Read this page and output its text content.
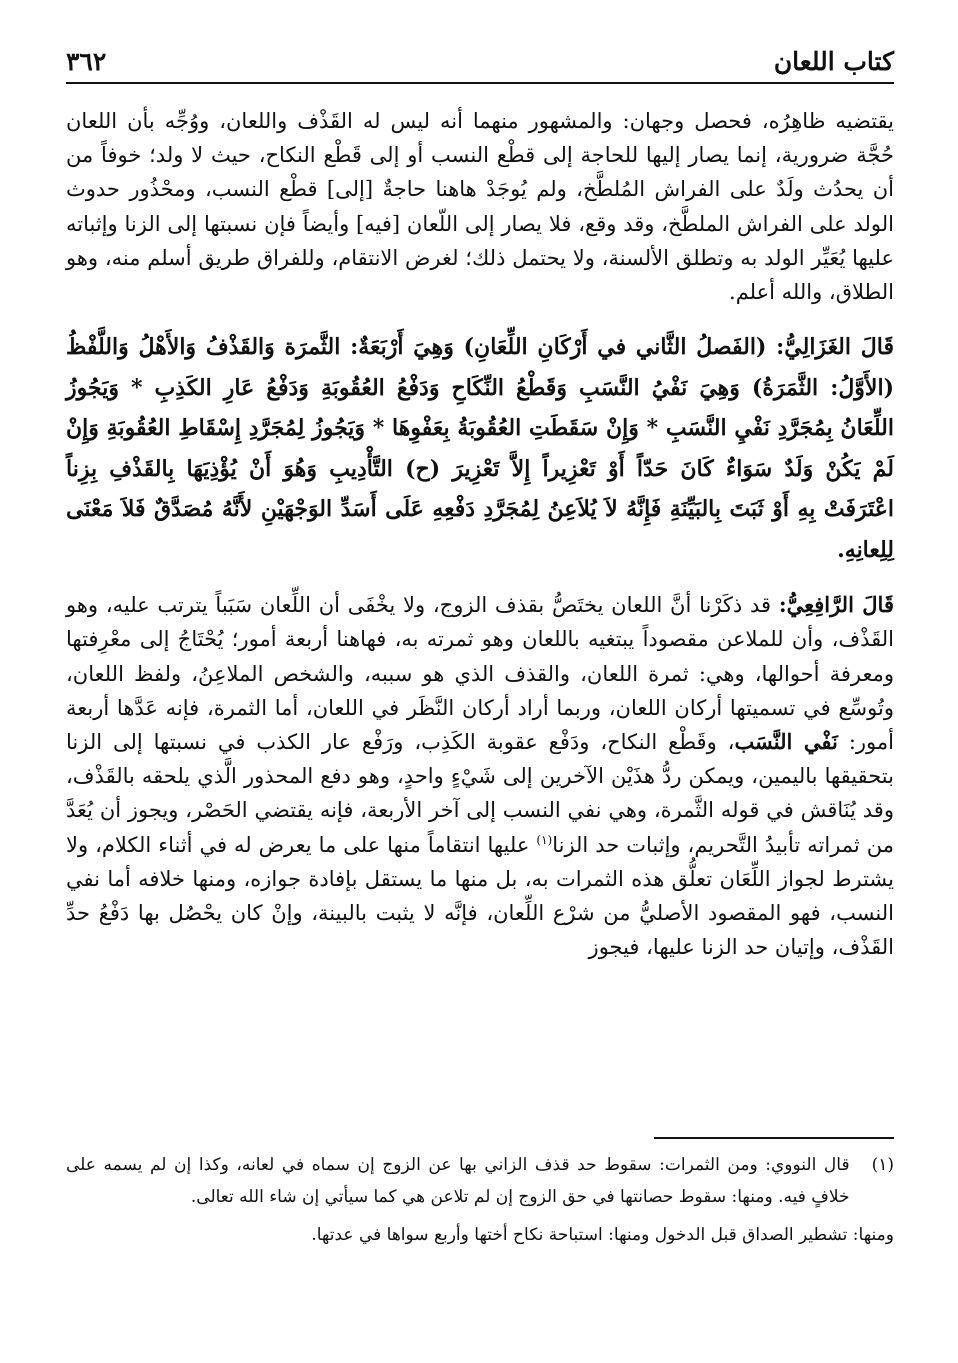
كتاب اللعان
٣٦٢

يقتضيه ظاهِرُه، فحصل وجهان: والمشهور منهما أنه ليس له القَذْف واللعان، ووُجِّه بأن اللعان حُجَّة ضرورية، إنما يصار إليها للحاجة إلى قطْع النسب أو إلى قَطْع النكاح، حيث لا ولد؛ خوفاً من أن يحدُث ولَدٌ على الفراش المُلطَّخ، ولم يُوجَدْ هاهنا حاجةٌ [إلى] قطْع النسب، ومحْذُور حدوث الولد على الفراش الملطَّخ، وقد وقع، فلا يصار إلى اللّعان [فيه] وأيضاً فإن نسبتها إلى الزنا وإثباته عليها يُعَيِّر الولد به وتطلق الألسنة، ولا يحتمل ذلك؛ لغرض الانتقام، وللفراق طريق أسلم منه، وهو الطلاق، والله أعلم.

قَالَ الغَزَالِيُّ: (الفَصلُ الثَّاني في أَرْكَانِ اللِّعَانِ) وَهِيَ أَرْبَعَةٌ: الثَّمرَة وَالقَذْفُ وَالأَهْلُ وَاللَّفْظُ (الأَوَّلُ: الثَّمَرَةُ) وَهِيَ نَفْيُ النَّسَبِ وَقَطْعُ النِّكَاحِ وَدَفْعُ العُقُوبَةِ وَدَفْعُ عَارِ الكَذِبِ * وَيَجُوزُ اللِّعَانُ بِمُجَرَّدِ نَفْيِ النَّسَبِ * وَإِنْ سَقَطَتِ العُقُوبَةُ بِعَفْوِهَا * وَيَجُوزُ لِمُجَرَّدِ إِسْقَاطِ العُقُوبَةِ وَإِنْ لَمْ يَكُنْ وَلَدٌ سَوَاءٌ كَانَ حَدّاً أَوْ تَعْزِيراً إِلاَّ تَعْزِيرَ (ح) التَّأْدِيبِ وَهُوَ أَنْ يُؤْذِيَهَا بِالقَذْفِ بِزِناً اعْتَرَفَتْ بِهِ أَوْ ثَبَتَ بِالبَيِّنَةِ فَإِنَّهُ لاَ يُلاَعِنُ لِمُجَرَّدِ دَفْعِهِ عَلَى أَسَدِّ الوَجْهَيْنِ لأَنَّهُ مُصَدَّقٌ فَلاَ مَعْنَى لِلِعانِهِ.

قَالَ الرَّافِعِيُّ: قد ذكَرْنا أنَّ اللعان يختَصُّ بقذف الزوج، ولا يخْفَى أن اللِّعان سَبَباً يترتب عليه، وهو القَذْف، وأن للملاعن مقصوداً يبتغيه باللعان وهو ثمرته به، فهاهنا أربعة أمور؛ يُحْتَاجُ إلى معْرِفتها ومعرفة أحوالها، وهي: ثمرة اللعان، والقذف الذي هو سببه، والشخص الملاعِنُ، ولفظ اللعان، وتُوسِّع في تسميتها أركان اللعان، وربما أراد أركان النَّظَر في اللعان، أما الثمرة، فإنه عَدَّها أربعة أمور: نَفْي النَّسَب، وقَطْع النكاح، ودَفْع عقوبة الكَذِب، ورَفْع عار الكذب في نسبتها إلى الزنا بتحقيقها باليمين، ويمكن ردُّ هذَيْن الآخرين إلى شَيْءٍ واحدٍ، وهو دفع المحذور الَّذي يلحقه بالقَذْف، وقد يُنَاقش في قوله الثَّمرة، وهي نفي النسب إلى آخر الأربعة، فإنه يقتضي الحَصْر، ويجوز أن يُعَدَّ من ثمراته تأبيدُ التَّحريم، وإثبات حد الزنا$^{(١)}$ عليها انتقاماً منها على ما يعرض له في أثناء الكلام، ولا يشترط لجواز اللِّعَان تعلُّق هذه الثمرات به، بل منها ما يستقل بإفادة جوازه، ومنها خلافه أما نفي النسب، فهو المقصود الأصليُّ من شرْع اللِّعان، فإنَّه لا يثبت بالبينة، وإنْ كان يحْصُل بها دَفْعُ حدِّ القَذْف، وإتيان حد الزنا عليها، فيجوز

(١)
قال النووي: ومن الثمرات: سقوط حد قذف الزاني بها عن الزوج إن سماه في لعانه، وكذا إن لم يسمه على خلافٍ فيه. ومنها: سقوط حصانتها في حق الزوج إن لم تلاعن هي كما سيأتي إن شاء الله تعالى.
ومنها: تشطير الصداق قبل الدخول ومنها: استباحة نكاح أختها وأربع سواها في عدتها.
